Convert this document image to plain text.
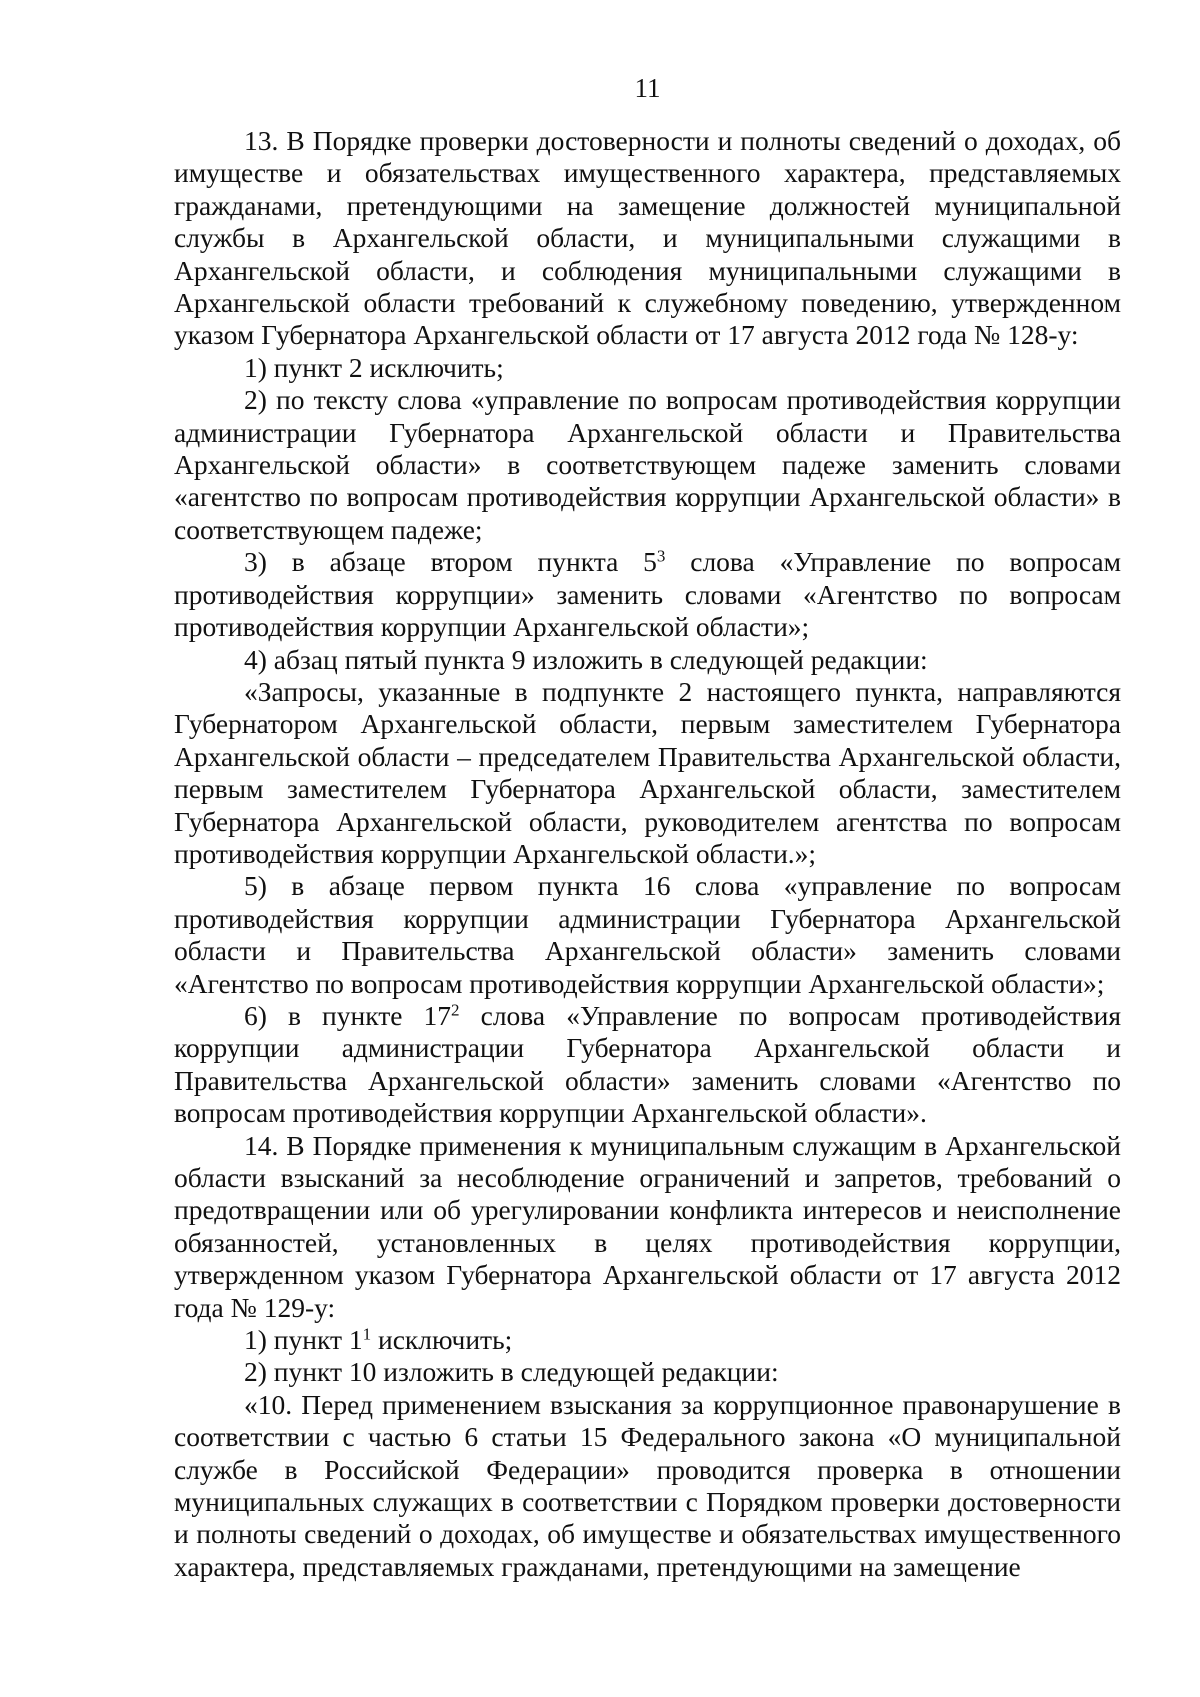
11

13. В Порядке проверки достоверности и полноты сведений о доходах, об имуществе и обязательствах имущественного характера, представляемых гражданами, претендующими на замещение должностей муниципальной службы в Архангельской области, и муниципальными служащими в Архангельской области, и соблюдения муниципальными служащими в Архангельской области требований к служебному поведению, утвержденном указом Губернатора Архангельской области от 17 августа 2012 года № 128-у:

1) пункт 2 исключить;

2) по тексту слова «управление по вопросам противодействия коррупции администрации Губернатора Архангельской области и Правительства Архангельской области» в соответствующем падеже заменить словами «агентство по вопросам противодействия коррупции Архангельской области» в соответствующем падеже;

3) в абзаце втором пункта $5^3$ слова «Управление по вопросам противодействия коррупции» заменить словами «Агентство по вопросам противодействия коррупции Архангельской области»;

4) абзац пятый пункта 9 изложить в следующей редакции:

«Запросы, указанные в подпункте 2 настоящего пункта, направляются Губернатором Архангельской области, первым заместителем Губернатора Архангельской области – председателем Правительства Архангельской области, первым заместителем Губернатора Архангельской области, заместителем Губернатора Архангельской области, руководителем агентства по вопросам противодействия коррупции Архангельской области.»;

5) в абзаце первом пункта 16 слова «управление по вопросам противодействия коррупции администрации Губернатора Архангельской области и Правительства Архангельской области» заменить словами «Агентство по вопросам противодействия коррупции Архангельской области»;

6) в пункте $17^2$ слова «Управление по вопросам противодействия коррупции администрации Губернатора Архангельской области и Правительства Архангельской области» заменить словами «Агентство по вопросам противодействия коррупции Архангельской области».

14. В Порядке применения к муниципальным служащим в Архангельской области взысканий за несоблюдение ограничений и запретов, требований о предотвращении или об урегулировании конфликта интересов и неисполнение обязанностей, установленных в целях противодействия коррупции, утвержденном указом Губернатора Архангельской области от 17 августа 2012 года № 129-у:

1) пункт $1^1$ исключить;

2) пункт 10 изложить в следующей редакции:

«10. Перед применением взыскания за коррупционное правонарушение в соответствии с частью 6 статьи 15 Федерального закона «О муниципальной службе в Российской Федерации» проводится проверка в отношении муниципальных служащих в соответствии с Порядком проверки достоверности и полноты сведений о доходах, об имуществе и обязательствах имущественного характера, представляемых гражданами, претендующими на замещение
